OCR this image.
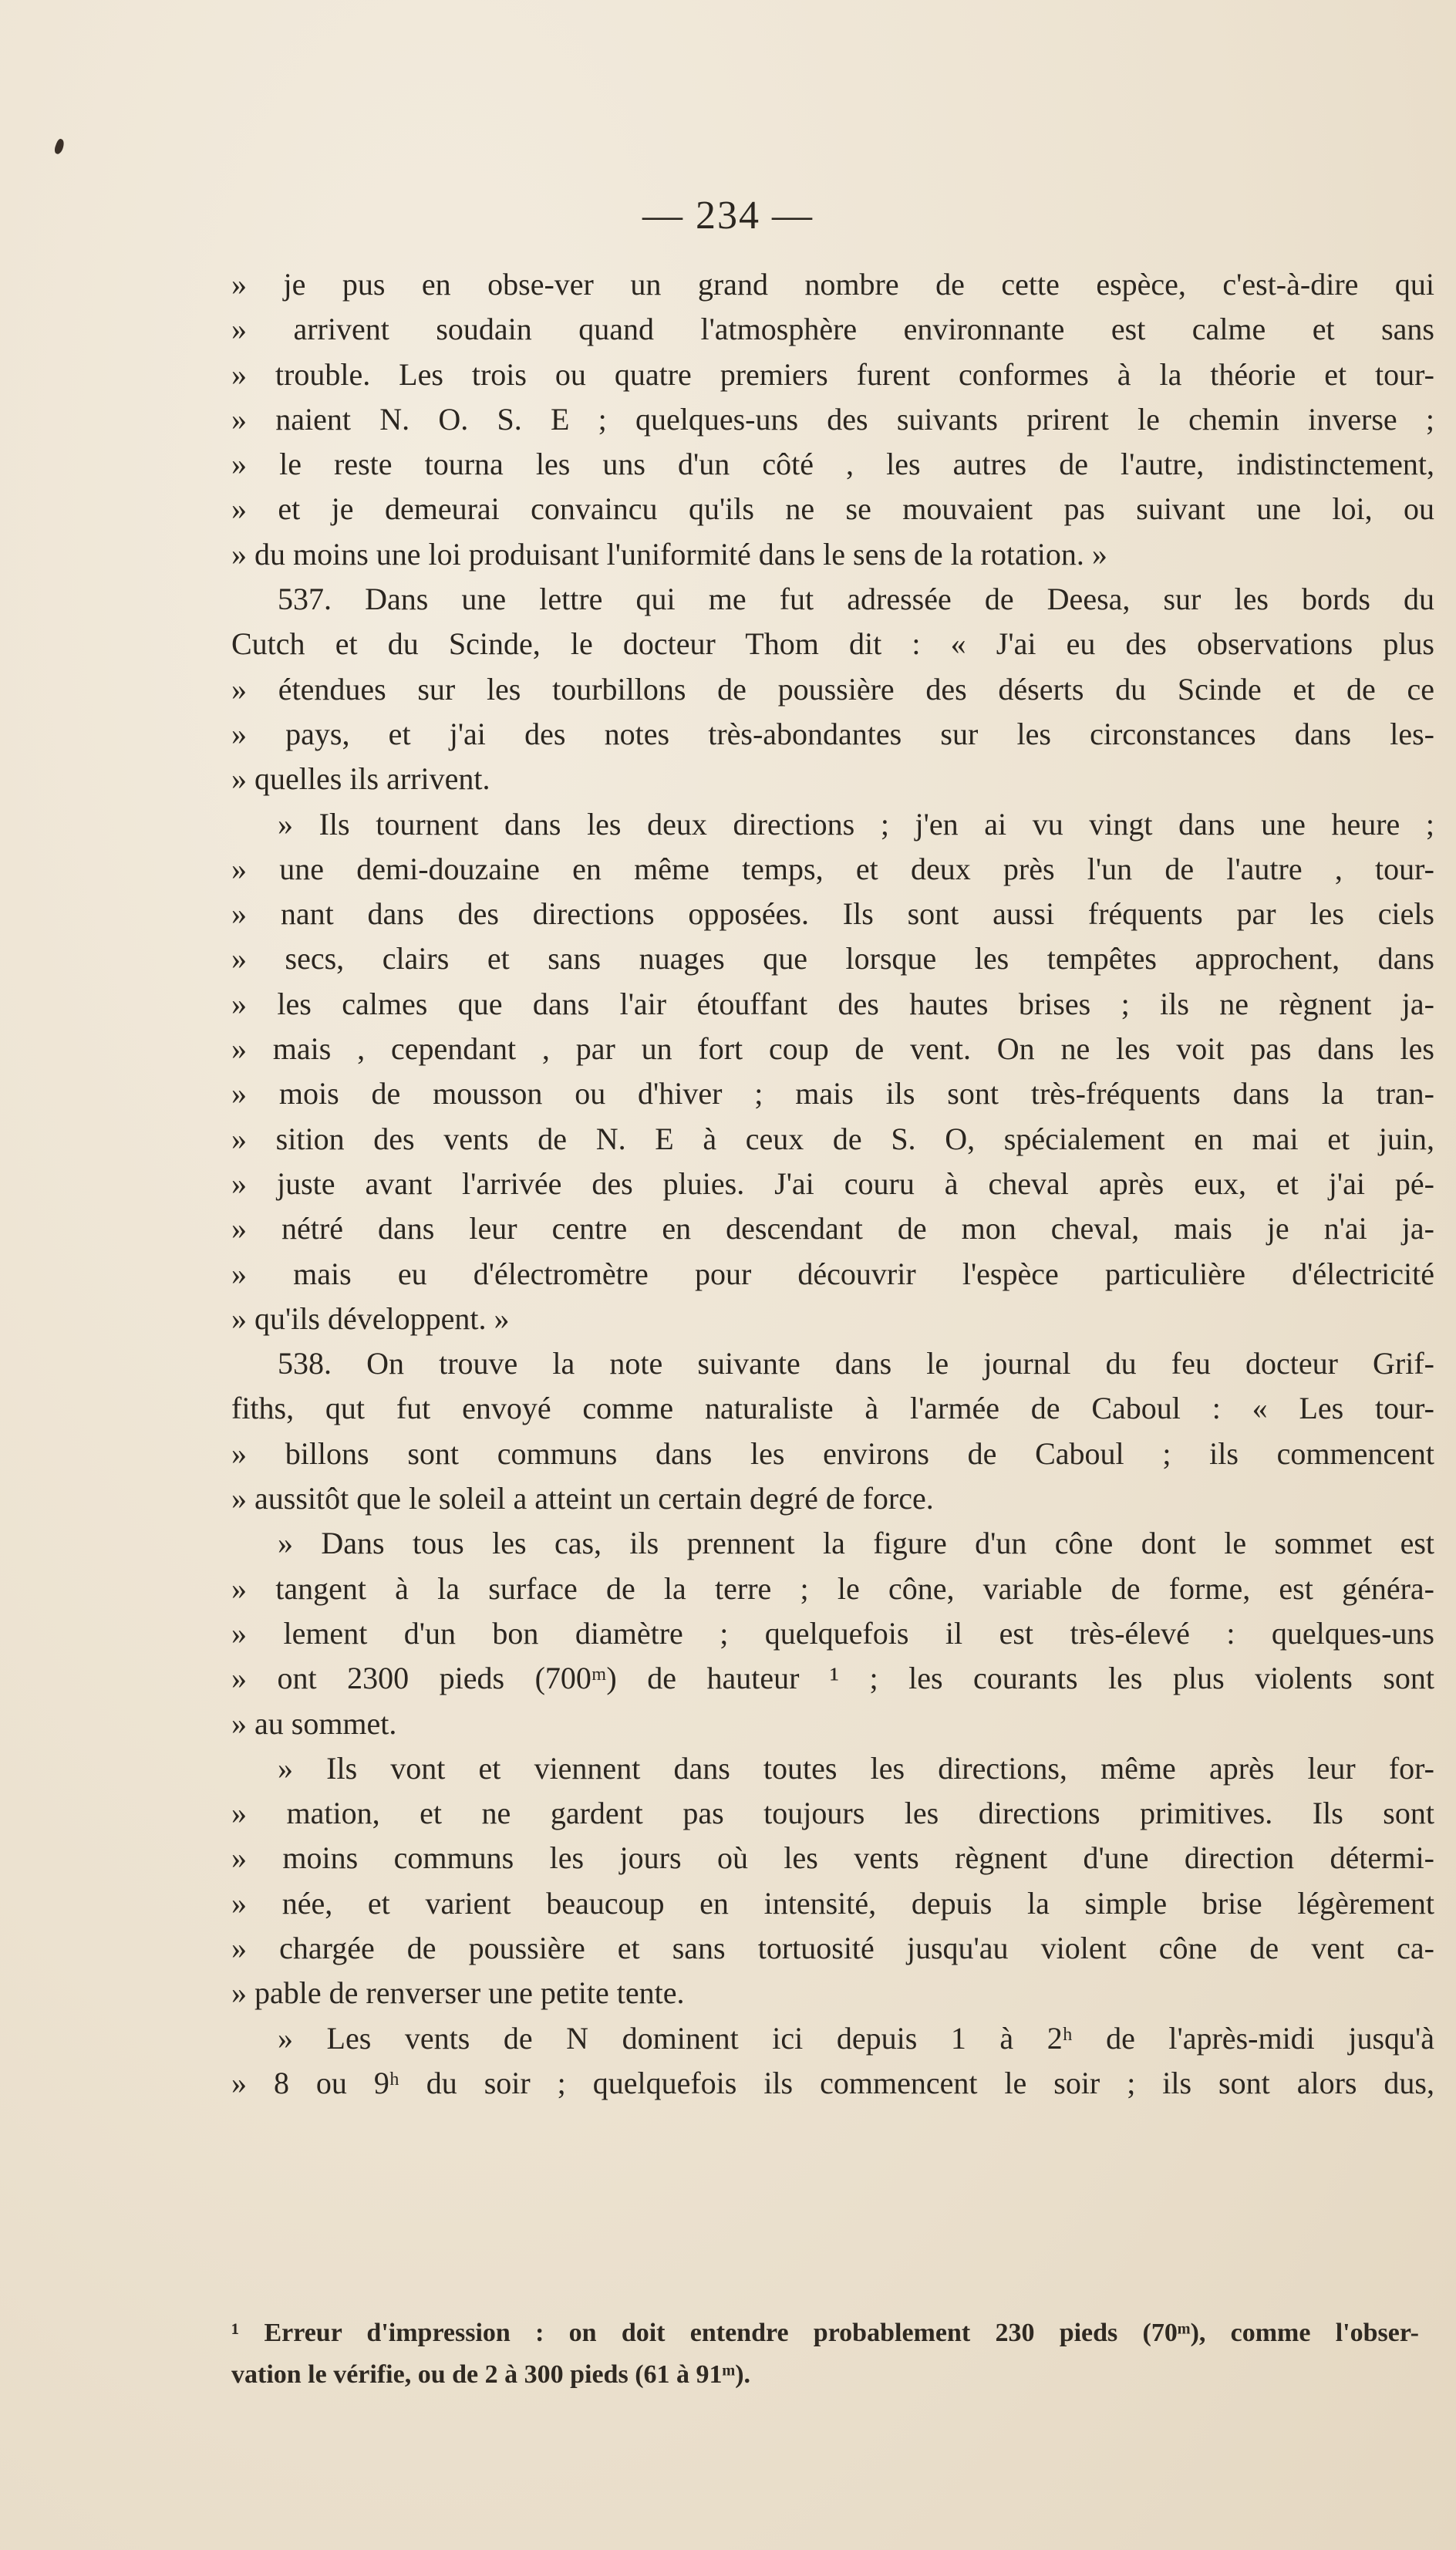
— 234 —
» je pus en obse‑ver un grand nombre de cette espèce, c'est-à-dire qui
» arrivent soudain quand l'atmosphère environnante est calme et sans
» trouble. Les trois ou quatre premiers furent conformes à la théorie et tour-
» naient N. O. S. E ; quelques-uns des suivants prirent le chemin inverse ;
» le reste tourna les uns d'un côté , les autres de l'autre, indistinctement,
» et je demeurai convaincu qu'ils ne se mouvaient pas suivant une loi, ou
» du moins une loi produisant l'uniformité dans le sens de la rotation. »
537. Dans une lettre qui me fut adressée de Deesa, sur les bords du
Cutch et du Scinde, le docteur Thom dit : « J'ai eu des observations plus
» étendues sur les tourbillons de poussière des déserts du Scinde et de ce
» pays, et j'ai des notes très-abondantes sur les circonstances dans les-
» quelles ils arrivent.
» Ils tournent dans les deux directions ; j'en ai vu vingt dans une heure ;
» une demi-douzaine en même temps, et deux près l'un de l'autre , tour-
» nant dans des directions opposées. Ils sont aussi fréquents par les ciels
» secs, clairs et sans nuages que lorsque les tempêtes approchent, dans
» les calmes que dans l'air étouffant des hautes brises ; ils ne règnent ja-
» mais , cependant , par un fort coup de vent. On ne les voit pas dans les
» mois de mousson ou d'hiver ; mais ils sont très-fréquents dans la tran-
» sition des vents de N. E à ceux de S. O, spécialement en mai et juin,
» juste avant l'arrivée des pluies. J'ai couru à cheval après eux, et j'ai pé-
» nétré dans leur centre en descendant de mon cheval, mais je n'ai ja-
» mais eu d'électromètre pour découvrir l'espèce particulière d'électricité
» qu'ils développent. »
538. On trouve la note suivante dans le journal du feu docteur Grif-
fiths, qut fut envoyé comme naturaliste à l'armée de Caboul : « Les tour-
» billons sont communs dans les environs de Caboul ; ils commencent
» aussitôt que le soleil a atteint un certain degré de force.
» Dans tous les cas, ils prennent la figure d'un cône dont le sommet est
» tangent à la surface de la terre ; le cône, variable de forme, est généra-
» lement d'un bon diamètre ; quelquefois il est très-élevé : quelques-uns
» ont 2300 pieds (700ᵐ) de hauteur ¹ ; les courants les plus violents sont
» au sommet.
» Ils vont et viennent dans toutes les directions, même après leur for-
» mation, et ne gardent pas toujours les directions primitives. Ils sont
» moins communs les jours où les vents règnent d'une direction détermi-
» née, et varient beaucoup en intensité, depuis la simple brise légèrement
» chargée de poussière et sans tortuosité jusqu'au violent cône de vent ca-
» pable de renverser une petite tente.
» Les vents de N dominent ici depuis 1 à 2ʰ de l'après-midi jusqu'à
» 8 ou 9ʰ du soir ; quelquefois ils commencent le soir ; ils sont alors dus,
¹ Erreur d'impression : on doit entendre probablement 230 pieds (70ᵐ), comme l'obser-
vation le vérifie, ou de 2 à 300 pieds (61 à 91ᵐ).
